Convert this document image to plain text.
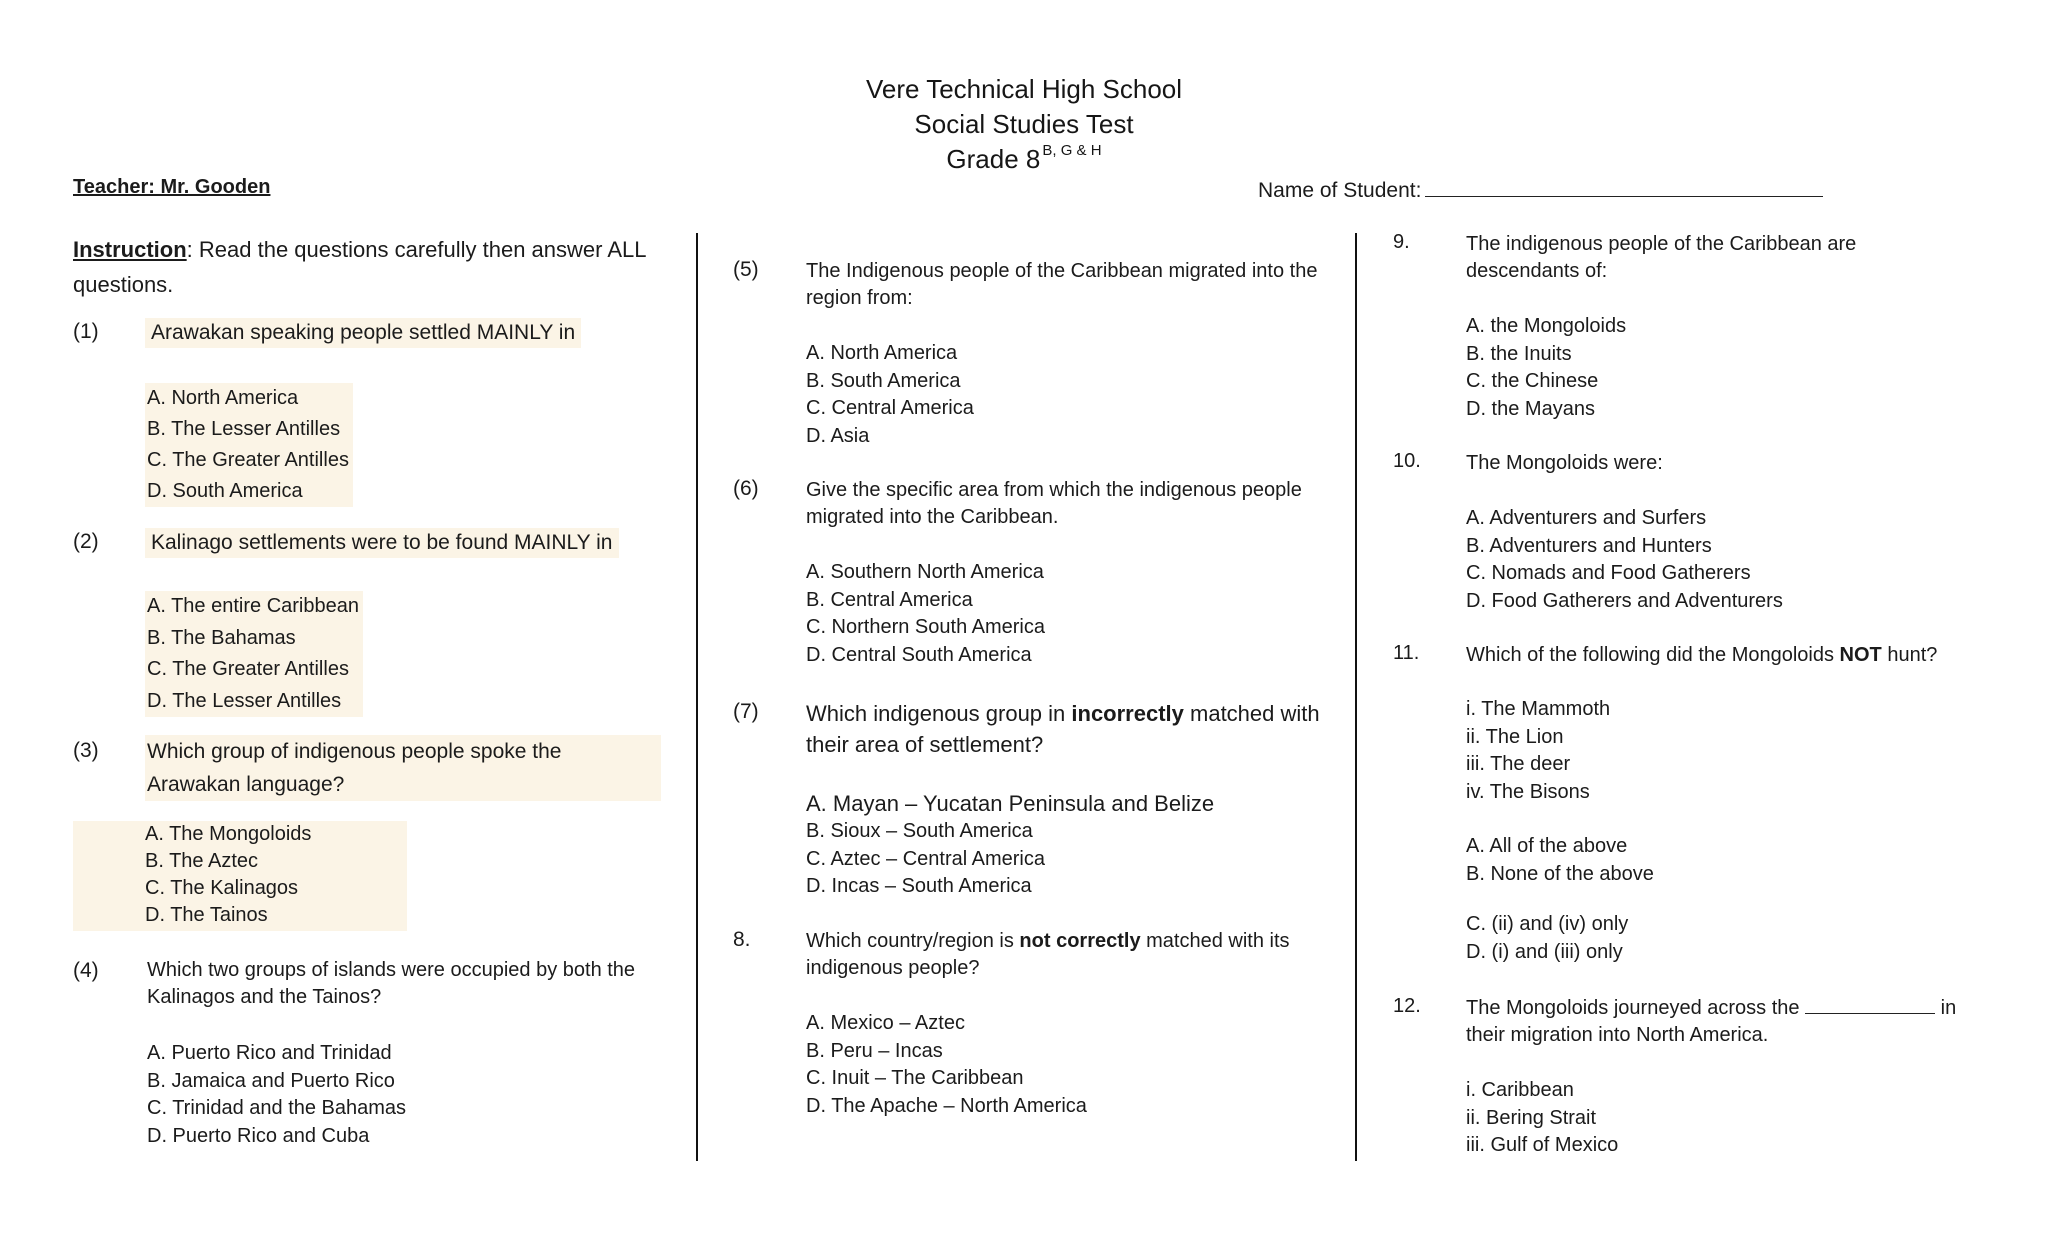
Vere Technical High School
Social Studies Test
Grade 8 $^{B, G \& H}$
Teacher: Mr. Gooden	Name of Student:
Instruction: Read the questions carefully then answer ALL questions.
(1) Arawakan speaking people settled MAINLY in
A. North America
B. The Lesser Antilles
C. The Greater Antilles
D. South America
(2) Kalinago settlements were to be found MAINLY in
A. The entire Caribbean
B. The Bahamas
C. The Greater Antilles
D. The Lesser Antilles
(3) Which group of indigenous people spoke the Arawakan language?
A. The Mongoloids
B. The Aztec
C. The Kalinagos
D. The Tainos
(4) Which two groups of islands were occupied by both the Kalinagos and the Tainos?
A. Puerto Rico and Trinidad
B. Jamaica and Puerto Rico
C. Trinidad and the Bahamas
D. Puerto Rico and Cuba
(5) The Indigenous people of the Caribbean migrated into the region from:
A. North America
B. South America
C. Central America
D. Asia
(6) Give the specific area from which the indigenous people migrated into the Caribbean.
A. Southern North America
B. Central America
C. Northern South America
D. Central South America
(7) Which indigenous group in incorrectly matched with their area of settlement?
A. Mayan – Yucatan Peninsula and Belize
B. Sioux – South America
C. Aztec – Central America
D. Incas – South America
8.	Which country/region is not correctly matched with its indigenous people?
A. Mexico – Aztec
B. Peru – Incas
C. Inuit – The Caribbean
D. The Apache – North America
9.	The indigenous people of the Caribbean are descendants of:
A. the Mongoloids
B. the Inuits
C. the Chinese
D. the Mayans
10. The Mongoloids were:
A. Adventurers and Surfers
B. Adventurers and Hunters
C. Nomads and Food Gatherers
D. Food Gatherers and Adventurers
11. Which of the following did the Mongoloids NOT hunt?
i. The Mammoth
ii. The Lion
iii. The deer
iv. The Bisons
A. All of the above
B. None of the above
C. (ii) and (iv) only
D. (i) and (iii) only
12. The Mongoloids journeyed across the	in
their migration into North America.
i. Caribbean
ii. Bering Strait
iii. Gulf of Mexico
